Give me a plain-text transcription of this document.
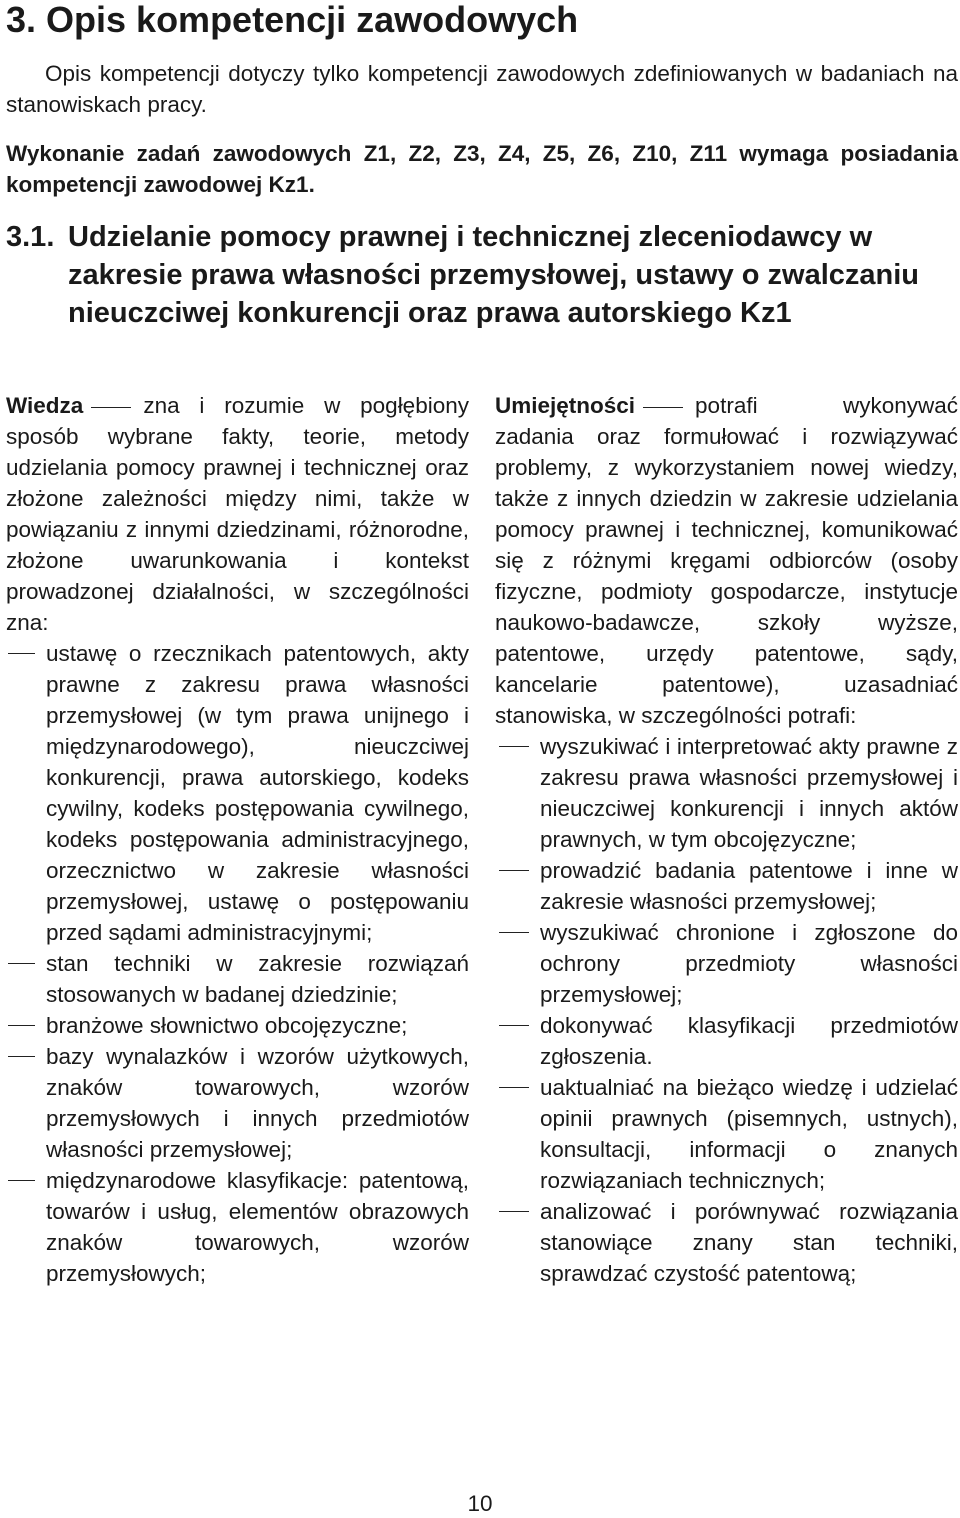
3. Opis kompetencji zawodowych

Opis kompetencji dotyczy tylko kompetencji zawodowych zdefiniowanych w badaniach na stanowiskach pracy.

Wykonanie zadań zawodowych Z1, Z2, Z3, Z4, Z5, Z6, Z10, Z11 wymaga posiadania kompetencji zawodowej Kz1.

3.1. Udzielanie pomocy prawnej i technicznej zleceniodawcy w zakresie prawa własności przemysłowej, ustawy o zwalczaniu nieuczciwej konkurencji oraz prawa autorskiego Kz1

Wiedza	zna i rozumie w pogłębiony sposób wybrane fakty, teorie, metody udzielania pomocy prawnej i technicznej oraz złożone zależności między nimi, także w powiązaniu z innymi dziedzinami, różnorodne, złożone uwarunkowania i kontekst prowadzonej działalności, w szczególności zna:

ustawę o rzecznikach patentowych, akty prawne z zakresu prawa własności przemysłowej (w tym prawa unijnego i międzynarodowego), nieuczciwej konkurencji, prawa autorskiego, kodeks cywilny, kodeks postępowania cywilnego, kodeks postępowania administracyjnego, orzecznictwo w zakresie własności przemysłowej, ustawę o postępowaniu przed sądami administracyjnymi;
stan techniki w zakresie rozwiązań stosowanych w badanej dziedzinie;
branżowe słownictwo obcojęzyczne;
bazy wynalazków i wzorów użytkowych, znaków towarowych, wzorów przemysłowych i innych przedmiotów własności przemysłowej;
międzynarodowe klasyfikacje: patentową, towarów i usług, elementów obrazowych znaków towarowych, wzorów przemysłowych;

Umiejętności	potrafi wykonywać zadania oraz formułować i rozwiązywać problemy, z wykorzystaniem nowej wiedzy, także z innych dziedzin w zakresie udzielania pomocy prawnej i technicznej, komunikować się z różnymi kręgami odbiorców (osoby fizyczne, podmioty gospodarcze, instytucje naukowo-badawcze, szkoły wyższe, patentowe, urzędy patentowe, sądy, kancelarie patentowe), uzasadniać stanowiska, w szczególności potrafi:

wyszukiwać i interpretować akty prawne z zakresu prawa własności przemysłowej i nieuczciwej konkurencji i innych aktów prawnych, w tym obcojęzyczne;
prowadzić badania patentowe i inne w zakresie własności przemysłowej;
wyszukiwać chronione i zgłoszone do ochrony przedmioty własności przemysłowej;
dokonywać klasyfikacji przedmiotów zgłoszenia.
uaktualniać na bieżąco wiedzę i udzielać opinii prawnych (pisemnych, ustnych), konsultacji, informacji o znanych rozwiązaniach technicznych;
analizować i porównywać rozwiązania stanowiące znany stan techniki, sprawdzać czystość patentową;
10
